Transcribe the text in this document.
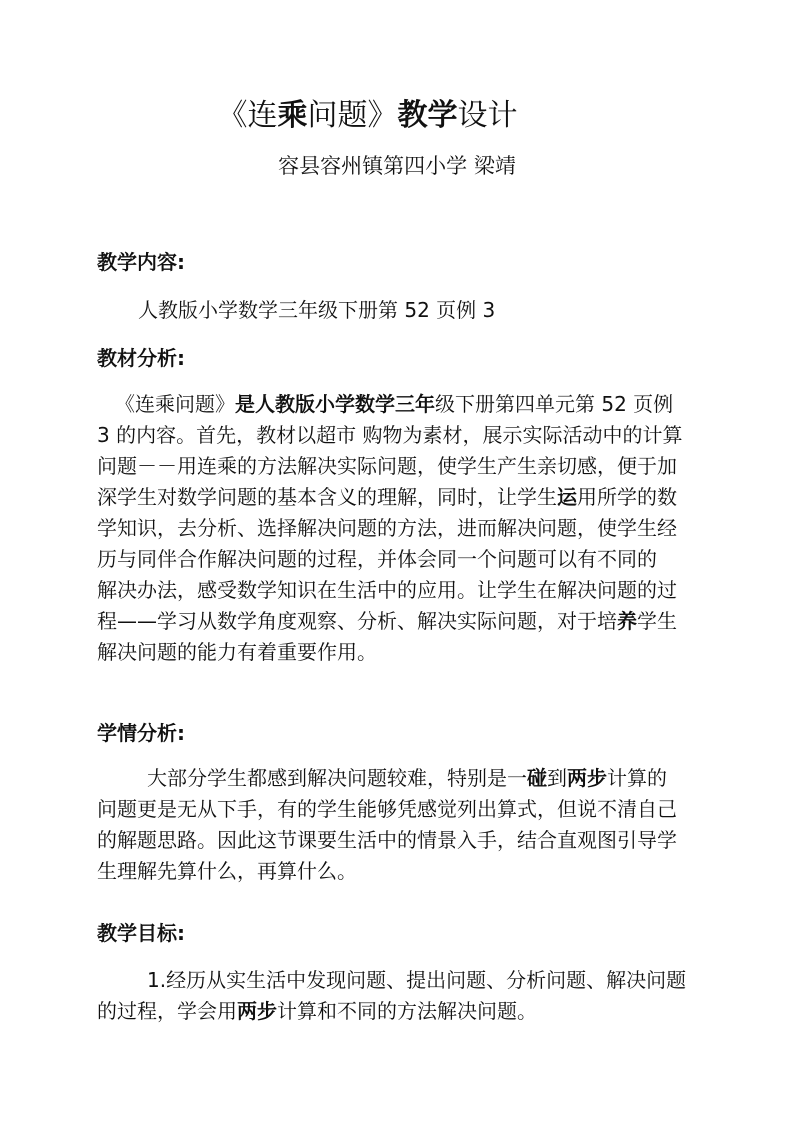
《连乘问题》教学设计
容县容州镇第四小学 梁靖
教学内容:
人教版小学数学三年级下册第 52 页例 3
教材分析:
《连乘问题》是人教版小学数学三年级下册第四单元第 52 页例
3 的内容。首先，教材以超市 购物为素材，展示实际活动中的计算
问题－－用连乘的方法解决实际问题，使学生产生亲切感，便于加
深学生对数学问题的基本含义的理解，同时，让学生运用所学的数
学知识，去分析、选择解决问题的方法，进而解决问题，使学生经
历与同伴合作解决问题的过程，并体会同一个问题可以有不同的
解决办法，感受数学知识在生活中的应用。让学生在解决问题的过
程——学习从数学角度观察、分析、解决实际问题，对于培养学生
解决问题的能力有着重要作用。
学情分析:
大部分学生都感到解决问题较难，特别是一碰到两步计算的
问题更是无从下手，有的学生能够凭感觉列出算式，但说不清自己
的解题思路。因此这节课要生活中的情景入手，结合直观图引导学
生理解先算什么，再算什么。
教学目标:
1.经历从实生活中发现问题、提出问题、分析问题、解决问题
的过程，学会用两步计算和不同的方法解决问题。
